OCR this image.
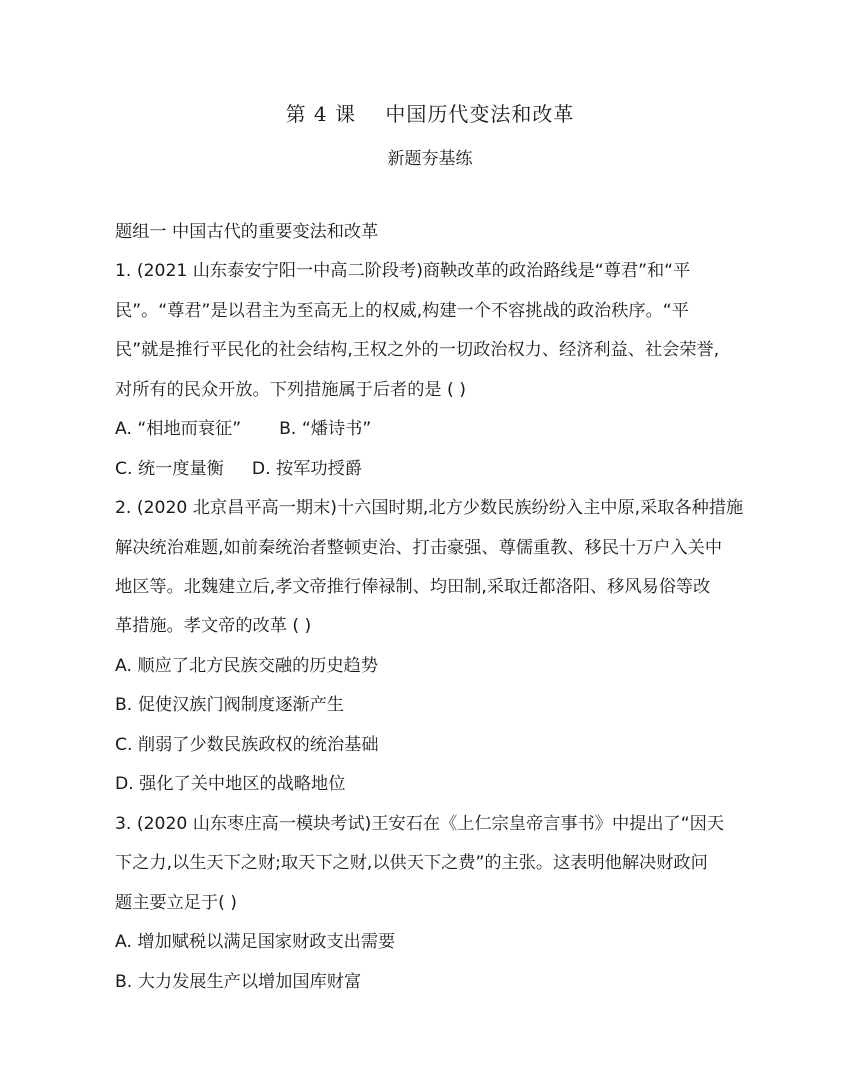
第 4 课    中国历代变法和改革
新题夯基练
题组一 中国古代的重要变法和改革
1. (2021 山东泰安宁阳一中高二阶段考)商鞅改革的政治路线是“尊君”和“平
民”。“尊君”是以君主为至高无上的权威,构建一个不容挑战的政治秩序。“平
民”就是推行平民化的社会结构,王权之外的一切政治权力、经济利益、社会荣誉,
对所有的民众开放。下列措施属于后者的是 ( )
A. “相地而衰征” B. “燔诗书”
C. 统一度量衡 D. 按军功授爵
2. (2020 北京昌平高一期末)十六国时期,北方少数民族纷纷入主中原,采取各种措施
解决统治难题,如前秦统治者整顿吏治、打击豪强、尊儒重教、移民十万户入关中
地区等。北魏建立后,孝文帝推行俸禄制、均田制,采取迁都洛阳、移风易俗等改
革措施。孝文帝的改革 ( )
A. 顺应了北方民族交融的历史趋势
B. 促使汉族门阀制度逐渐产生
C. 削弱了少数民族政权的统治基础
D. 强化了关中地区的战略地位
3. (2020 山东枣庄高一模块考试)王安石在《上仁宗皇帝言事书》中提出了“因天
下之力,以生天下之财;取天下之财,以供天下之费”的主张。这表明他解决财政问
题主要立足于( )
A. 增加赋税以满足国家财政支出需要
B. 大力发展生产以增加国库财富
